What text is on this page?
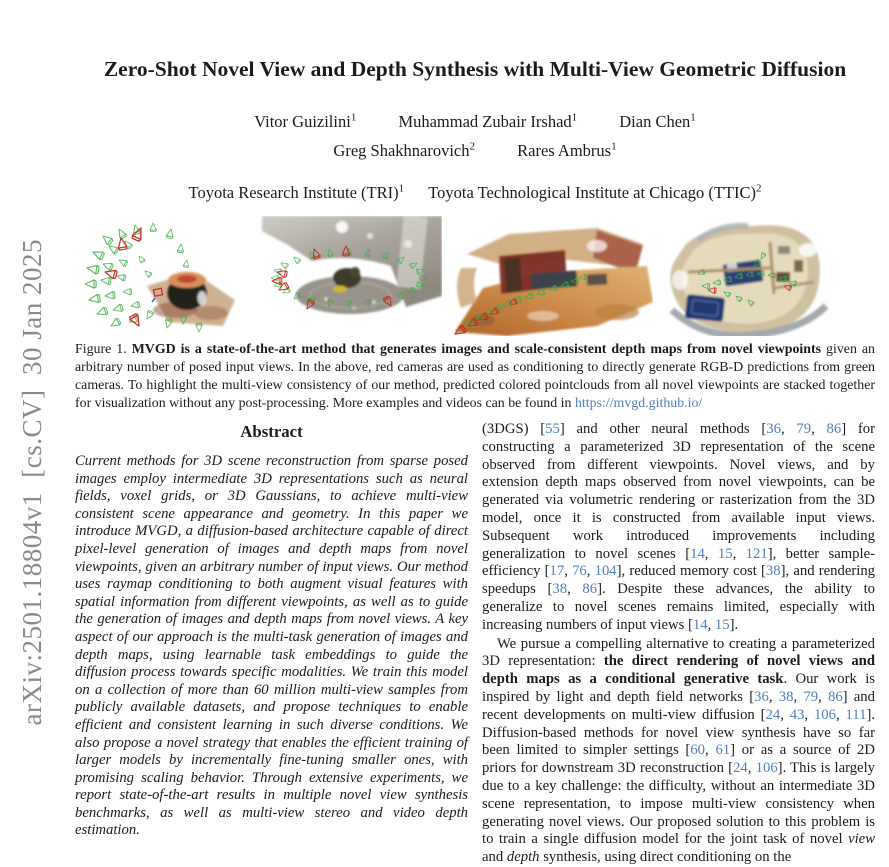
arXiv:2501.18804v1  [cs.CV]  30 Jan 2025
Zero-Shot Novel View and Depth Synthesis with Multi-View Geometric Diffusion
Vitor Guizilini$^1$	Muhammad Zubair Irshad$^1$	Dian Chen$^1$
Greg Shakhnarovich$^2$	Rares Ambrus$^1$
Toyota Research Institute (TRI)$^1$ Toyota Technological Institute at Chicago (TTIC)$^2$
Figure 1. MVGD is a state-of-the-art method that generates images and scale-consistent depth maps from novel viewpoints given an arbitrary number of posed input views. In the above, red cameras are used as conditioning to directly generate RGB-D predictions from green cameras. To highlight the multi-view consistency of our method, predicted colored pointclouds from all novel viewpoints are stacked together for visualization without any post-processing. More examples and videos can be found in https://mvgd.github.io/
Abstract
Current methods for 3D scene reconstruction from sparse posed images employ intermediate 3D representations such as neural fields, voxel grids, or 3D Gaussians, to achieve multi-view consistent scene appearance and geometry. In this paper we introduce MVGD, a diffusion-based architecture capable of direct pixel-level generation of images and depth maps from novel viewpoints, given an arbitrary number of input views. Our method uses raymap conditioning to both augment visual features with spatial information from different viewpoints, as well as to guide the generation of images and depth maps from novel views. A key aspect of our approach is the multi-task generation of images and depth maps, using learnable task embeddings to guide the diffusion process towards specific modalities. We train this model on a collection of more than 60 million multi-view samples from publicly available datasets, and propose techniques to enable efficient and consistent learning in such diverse conditions. We also propose a novel strategy that enables the efficient training of larger models by incrementally fine-tuning smaller ones, with promising scaling behavior. Through extensive experiments, we report state-of-the-art results in multiple novel view synthesis benchmarks, as well as multi-view stereo and video depth estimation.
(3DGS) [55] and other neural methods [36, 79, 86] for constructing a parameterized 3D representation of the scene observed from different viewpoints. Novel views, and by extension depth maps observed from novel viewpoints, can be generated via volumetric rendering or rasterization from the 3D model, once it is constructed from available input views. Subsequent work introduced improvements including generalization to novel scenes [14, 15, 121], better sample-efficiency [17, 76, 104], reduced memory cost [38], and rendering speedups [38, 86]. Despite these advances, the ability to generalize to novel scenes remains limited, especially with increasing numbers of input views [14, 15].
We pursue a compelling alternative to creating a parameterized 3D representation: the direct rendering of novel views and depth maps as a conditional generative task. Our work is inspired by light and depth field networks [36, 38, 79, 86] and recent developments on multi-view diffusion [24, 43, 106, 111]. Diffusion-based methods for novel view synthesis have so far been limited to simpler settings [60, 61] or as a source of 2D priors for downstream 3D reconstruction [24, 106]. This is largely due to a key challenge: the difficulty, without an intermediate 3D scene representation, to impose multi-view consistency when generating novel views. Our proposed solution to this problem is to train a single diffusion model for the joint task of novel view and depth synthesis, using direct conditioning on the
